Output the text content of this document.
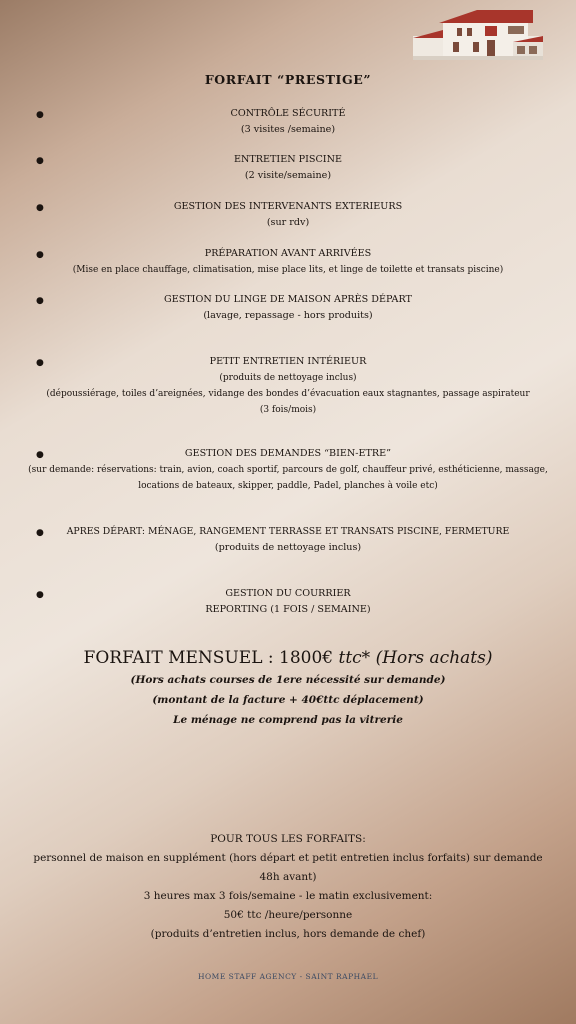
FORFAIT “PRESTIGE”
●	CONTRÔLE SÉCURITÉ
(3 visites /semaine)
●	ENTRETIEN PISCINE
(2 visite/semaine)
●	GESTION DES INTERVENANTS EXTERIEURS
(sur rdv)
●	PRÉPARATION AVANT ARRIVÉES
(Mise en place chauffage, climatisation, mise place lits, et linge de toilette et transats piscine)
●	GESTION DU LINGE DE MAISON APRÈS DÉPART
(lavage, repassage - hors produits)
●	PETIT ENTRETIEN INTÉRIEUR
(produits de nettoyage inclus)
(dépoussiérage, toiles d’areignées, vidange des bondes d’évacuation eaux stagnantes, passage aspirateur
(3 fois/mois)
●	GESTION DES DEMANDES “BIEN-ETRE”
(sur demande: réservations: train, avion, coach sportif, parcours de golf, chauffeur privé, esthéticienne, massage,
locations de bateaux, skipper, paddle, Padel, planches à voile etc)
●	APRES DÉPART: MÉNAGE, RANGEMENT TERRASSE ET TRANSATS PISCINE, FERMETURE
(produits de nettoyage inclus)
●	GESTION DU COURRIER
REPORTING (1 FOIS / SEMAINE)
FORFAIT MENSUEL : 1800€ ttc* (Hors achats)
(Hors achats courses de 1ere nécessité sur demande)
(montant de la facture + 40€ttc déplacement)
Le ménage ne comprend pas la vitrerie
POUR TOUS LES FORFAITS:
personnel de maison en supplément (hors départ et petit entretien inclus forfaits) sur demande
48h avant)
3 heures max 3 fois/semaine - le matin exclusivement:
50€ ttc /heure/personne
(produits d’entretien inclus, hors demande de chef)
HOME STAFF AGENCY - SAINT RAPHAEL
